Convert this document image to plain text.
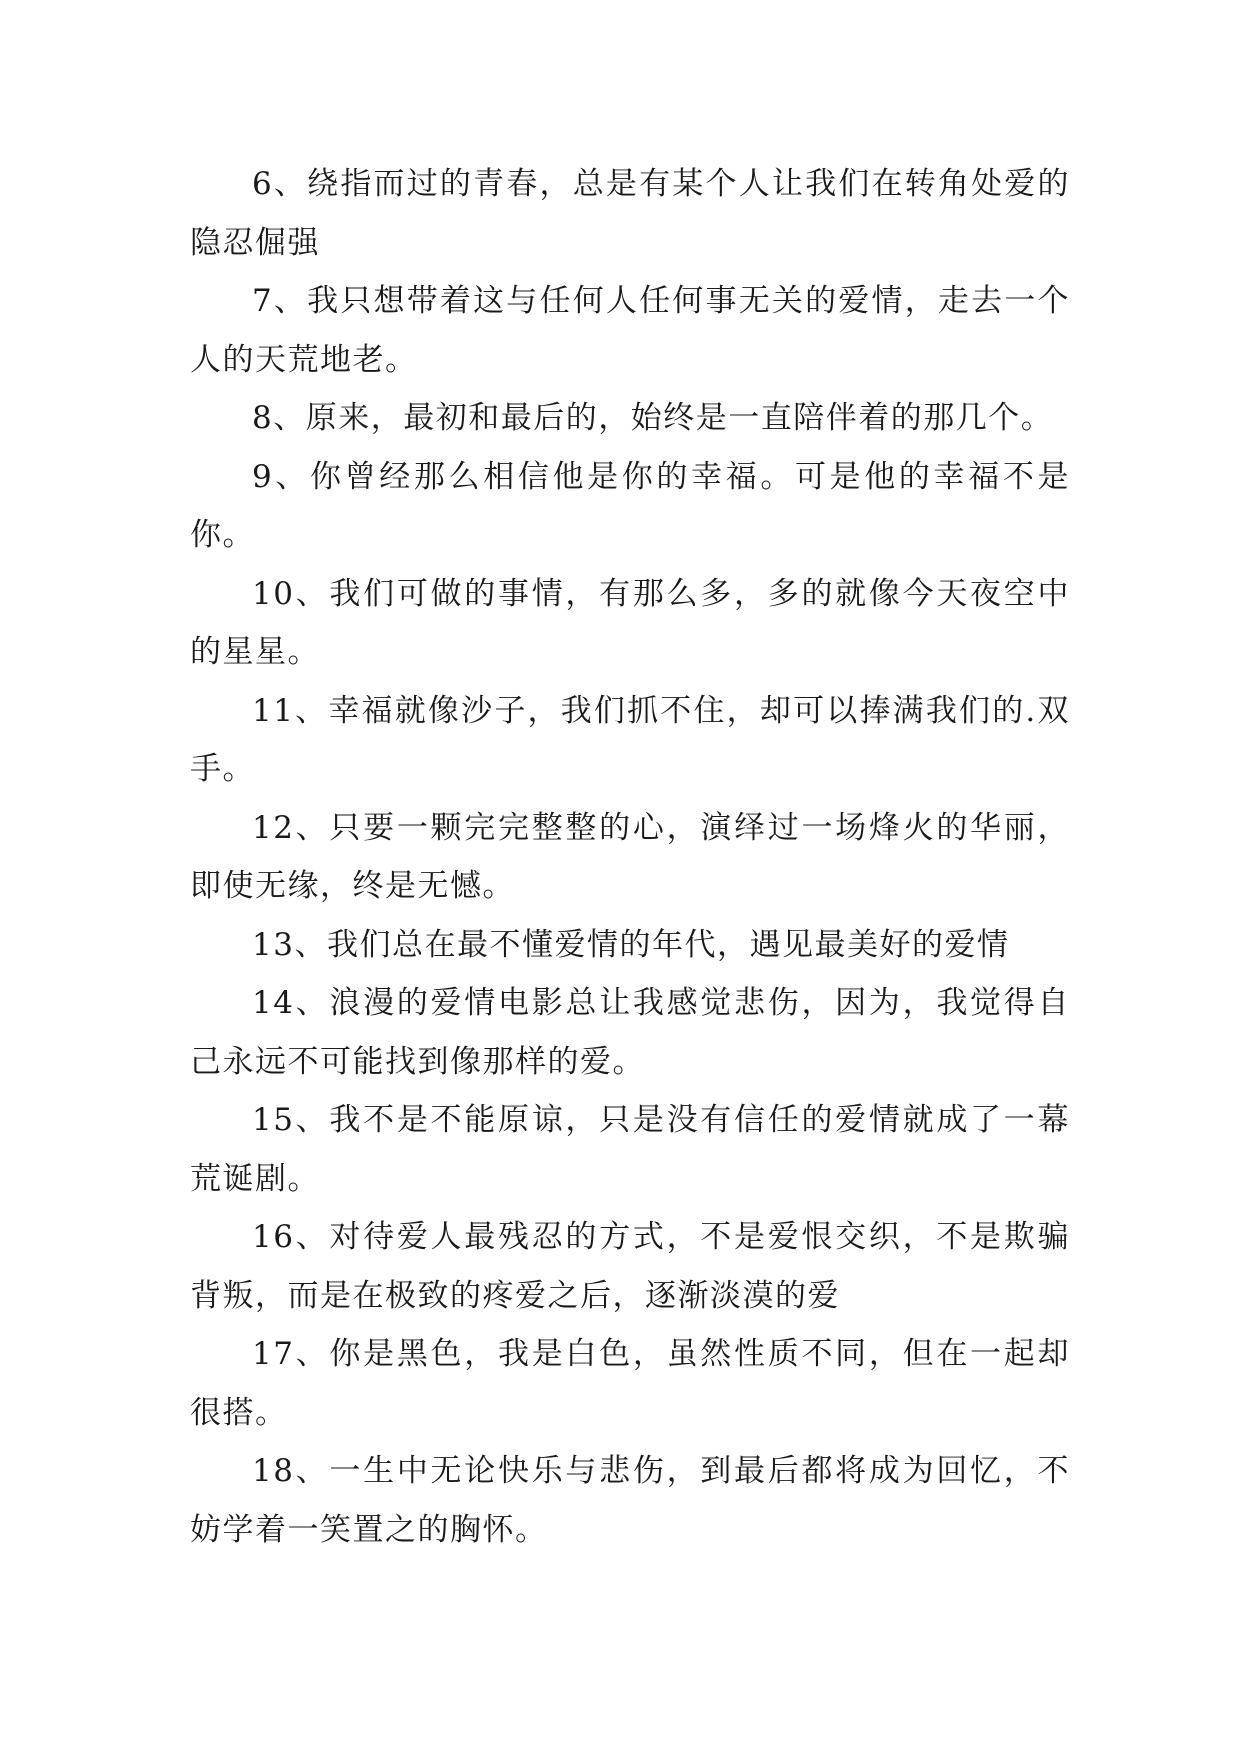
6、绕指而过的青春，总是有某个人让我们在转角处爱的隐忍倔强

7、我只想带着这与任何人任何事无关的爱情，走去一个人的天荒地老。

8、原来，最初和最后的，始终是一直陪伴着的那几个。

9、你曾经那么相信他是你的幸福。可是他的幸福不是你。

10、我们可做的事情，有那么多，多的就像今天夜空中的星星。

11、幸福就像沙子，我们抓不住，却可以捧满我们的.双手。

12、只要一颗完完整整的心，演绎过一场烽火的华丽，即使无缘，终是无憾。

13、我们总在最不懂爱情的年代，遇见最美好的爱情

14、浪漫的爱情电影总让我感觉悲伤，因为，我觉得自己永远不可能找到像那样的爱。

15、我不是不能原谅，只是没有信任的爱情就成了一幕荒诞剧。

16、对待爱人最残忍的方式，不是爱恨交织，不是欺骗背叛，而是在极致的疼爱之后，逐渐淡漠的爱

17、你是黑色，我是白色，虽然性质不同，但在一起却很搭。

18、一生中无论快乐与悲伤，到最后都将成为回忆，不妨学着一笑置之的胸怀。
